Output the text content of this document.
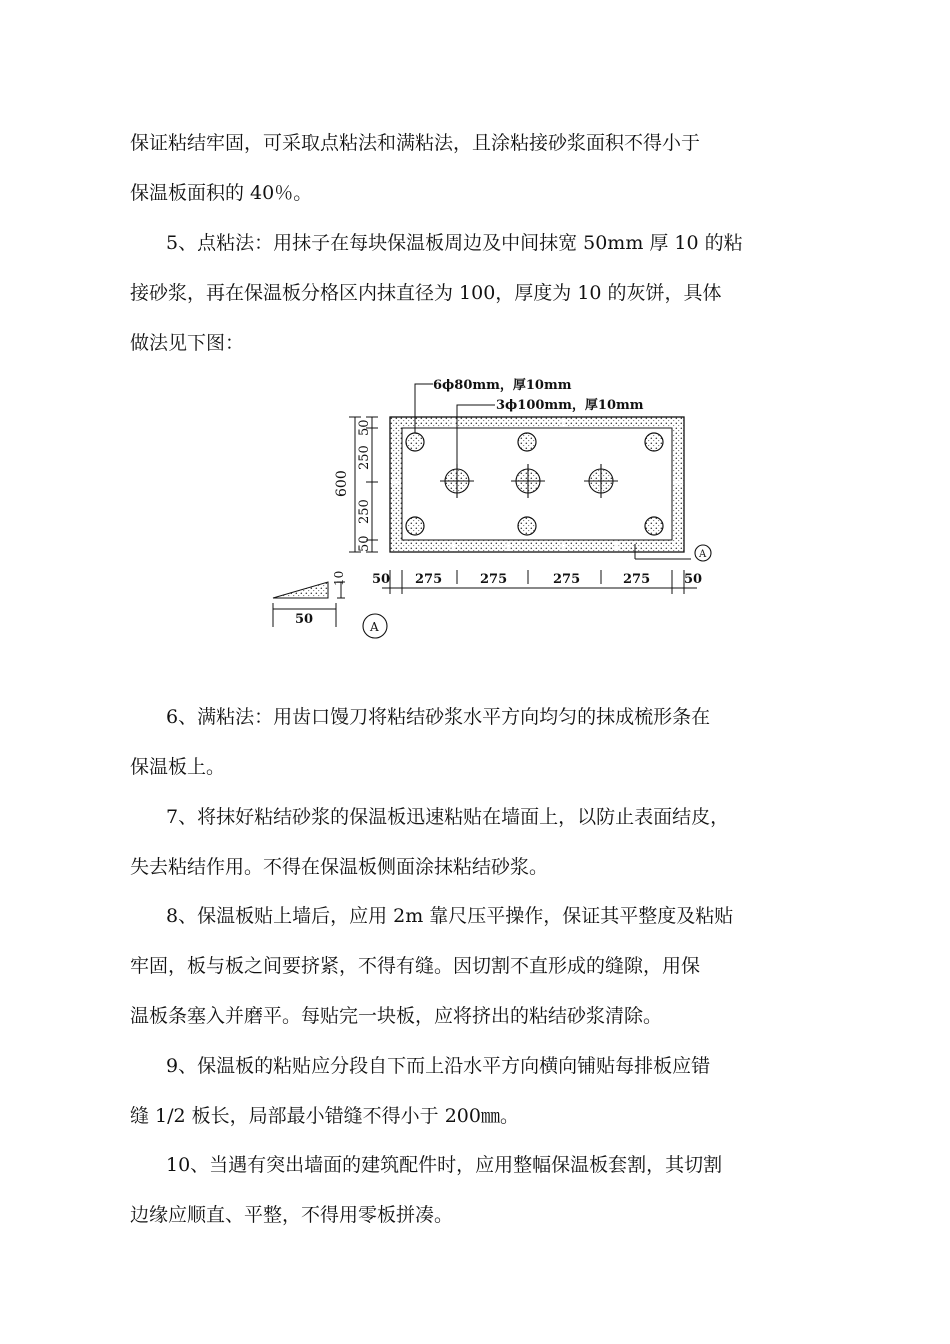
保证粘结牢固，可采取点粘法和满粘法，且涂粘接砂浆面积不得小于
保温板面积的 40％。
5、点粘法：用抹子在每块保温板周边及中间抹宽 50mm 厚 10 的粘
接砂浆，再在保温板分格区内抹直径为 100，厚度为 10 的灰饼，具体
做法见下图：
6ϕ80mm，厚10mm
3ϕ100mm，厚10mm
600
50
250
250
50
50 275	275	275	275	50
A
50
10
A
6、满粘法：用齿口馒刀将粘结砂浆水平方向均匀的抹成梳形条在
保温板上。
7、将抹好粘结砂浆的保温板迅速粘贴在墙面上，以防止表面结皮，
失去粘结作用。不得在保温板侧面涂抹粘结砂浆。
8、保温板贴上墙后，应用 2m 靠尺压平操作，保证其平整度及粘贴
牢固，板与板之间要挤紧，不得有缝。因切割不直形成的缝隙，用保
温板条塞入并磨平。每贴完一块板，应将挤出的粘结砂浆清除。
9、保温板的粘贴应分段自下而上沿水平方向横向铺贴每排板应错
缝 1/2 板长，局部最小错缝不得小于 200㎜。
10、当遇有突出墙面的建筑配件时，应用整幅保温板套割，其切割
边缘应顺直、平整，不得用零板拼凑。
